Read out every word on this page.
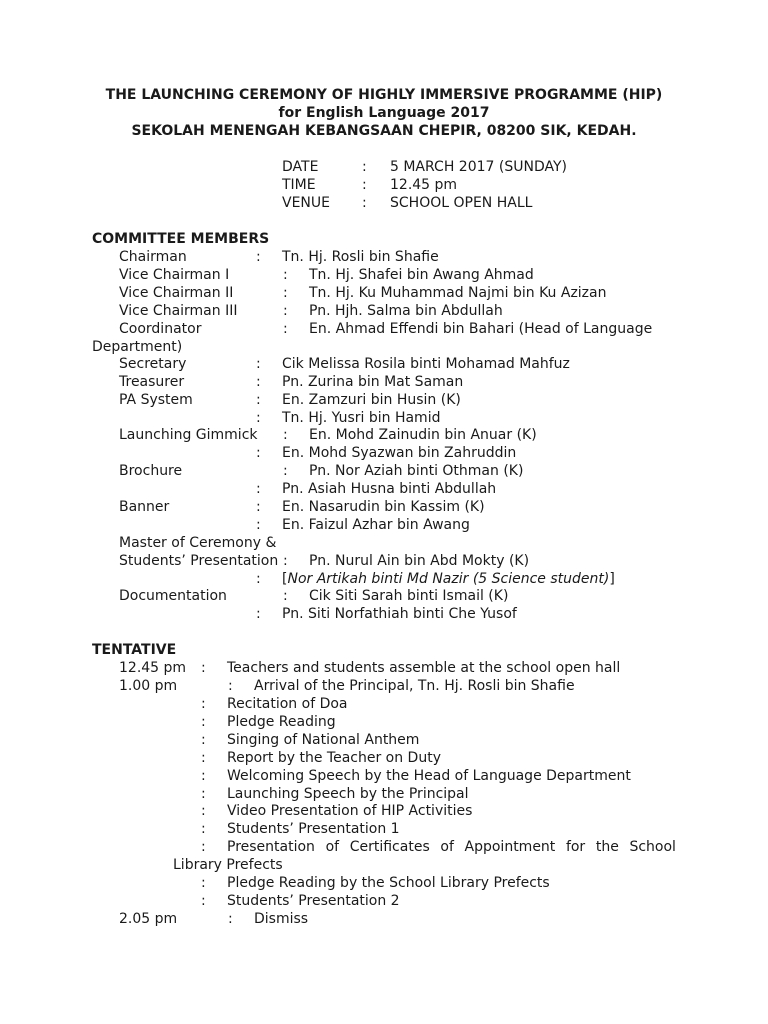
THE LAUNCHING CEREMONY OF HIGHLY IMMERSIVE PROGRAMME (HIP)
for English Language 2017
SEKOLAH MENENGAH KEBANGSAAN CHEPIR, 08200 SIK, KEDAH.
DATE	: 5 MARCH 2017 (SUNDAY)
TIME	: 12.45 pm
VENUE : SCHOOL OPEN HALL
COMMITTEE MEMBERS
Chairman	: Tn. Hj. Rosli bin Shafie
Vice Chairman I	: Tn. Hj. Shafei bin Awang Ahmad
Vice Chairman II	: Tn. Hj. Ku Muhammad Najmi bin Ku Azizan
Vice Chairman III	: Pn. Hjh. Salma bin Abdullah
Coordinator	: En. Ahmad Effendi bin Bahari (Head of Language
Department)
Secretary	: Cik Melissa Rosila binti Mohamad Mahfuz
Treasurer	: Pn. Zurina bin Mat Saman
PA System	: En. Zamzuri bin Husin (K)
: Tn. Hj. Yusri bin Hamid
Launching Gimmick : En. Mohd Zainudin bin Anuar (K)
: En. Mohd Syazwan bin Zahruddin
Brochure	: Pn. Nor Aziah binti Othman (K)
: Pn. Asiah Husna binti Abdullah
Banner	: En. Nasarudin bin Kassim (K)
: En. Faizul Azhar bin Awang
Master of Ceremony &
Students’ Presentation : Pn. Nurul Ain bin Abd Mokty (K)
: [Nor Artikah binti Md Nazir (5 Science student)]
Documentation	: Cik Siti Sarah binti Ismail (K)
: Pn. Siti Norfathiah binti Che Yusof
TENTATIVE
12.45 pm : Teachers and students assemble at the school open hall
1.00 pm	: Arrival of the Principal, Tn. Hj. Rosli bin Shafie
: Recitation of Doa
: Pledge Reading
: Singing of National Anthem
: Report by the Teacher on Duty
: Welcoming Speech by the Head of Language Department
: Launching Speech by the Principal
: Video Presentation of HIP Activities
: Students’ Presentation 1
: Presentation of Certificates of Appointment for the School
Library Prefects
: Pledge Reading by the School Library Prefects
: Students’ Presentation 2
2.05 pm	: Dismiss
